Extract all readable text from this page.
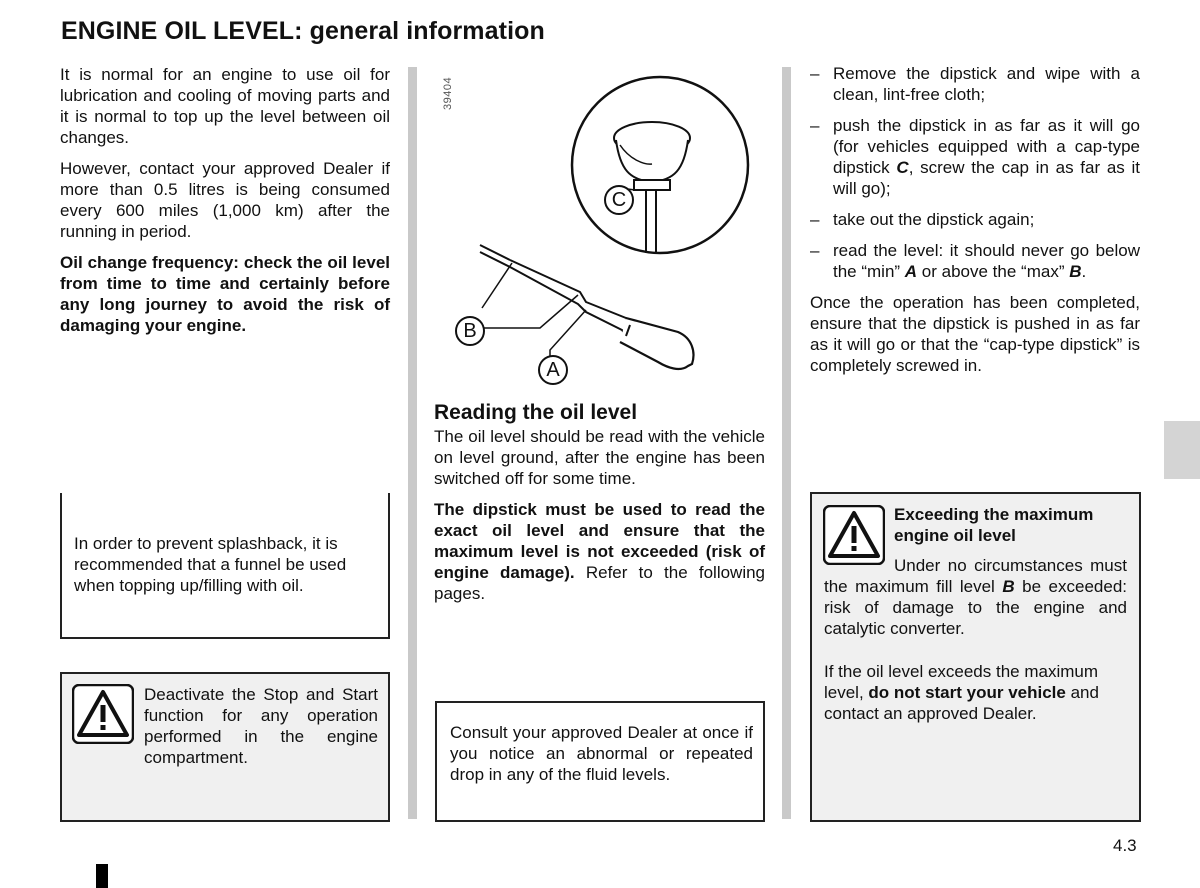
ENGINE OIL LEVEL: general information

It is normal for an engine to use oil for lubrication and cooling of moving parts and it is normal to top up the level between oil changes.

However, contact your approved Dealer if more than 0.5 litres is being consumed every 600 miles (1,000 km) after the running in period.

Oil change frequency: check the oil level from time to time and certainly before any long journey to avoid the risk of damaging your engine.

In order to prevent splashback, it is recommended that a funnel be used when topping up/filling with oil.

Deactivate the Stop and Start function for any operation performed in the engine compartment.

39404
C
B
A
Reading the oil level

The oil level should be read with the vehicle on level ground, after the engine has been switched off for some time.

The dipstick must be used to read the exact oil level and ensure that the maximum level is not exceeded (risk of engine damage). Refer to the following pages.

Consult your approved Dealer at once if you notice an abnormal or repeated drop in any of the fluid levels.

– Remove the dipstick and wipe with a clean, lint-free cloth;
– push the dipstick in as far as it will go (for vehicles equipped with a cap-type dipstick C, screw the cap in as far as it will go);
– take out the dipstick again;
– read the level: it should never go below the “min” A or above the “max” B.

Once the operation has been completed, ensure that the dipstick is pushed in as far as it will go or that the “cap-type dipstick” is completely screwed in.

Exceeding the maximum engine oil level

Under no circumstances must the maximum fill level B be exceeded: risk of damage to the engine and catalytic converter.

If the oil level exceeds the maximum level, do not start your vehicle and contact an approved Dealer.

4.3
